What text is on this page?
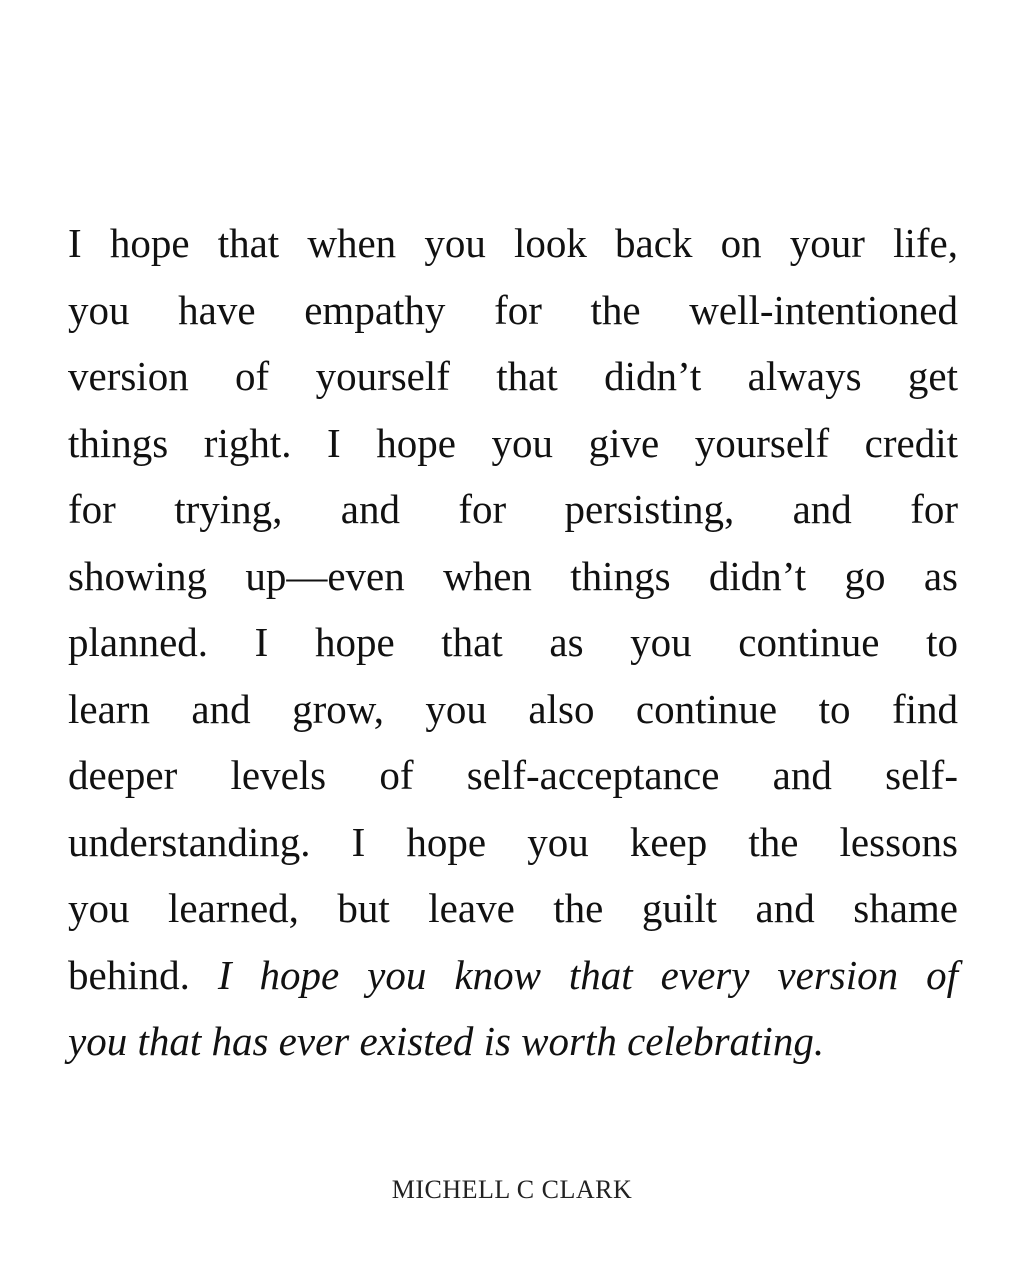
I hope that when you look back on your life,
you have empathy for the well-intentioned
version of yourself that didn’t always get
things right. I hope you give yourself credit
for trying, and for persisting, and for
showing up—even when things didn’t go as
planned. I hope that as you continue to
learn and grow, you also continue to find
deeper levels of self-acceptance and self-
understanding. I hope you keep the lessons
you learned, but leave the guilt and shame
behind. I hope you know that every version of
you that has ever existed is worth celebrating.
MICHELL C CLARK
